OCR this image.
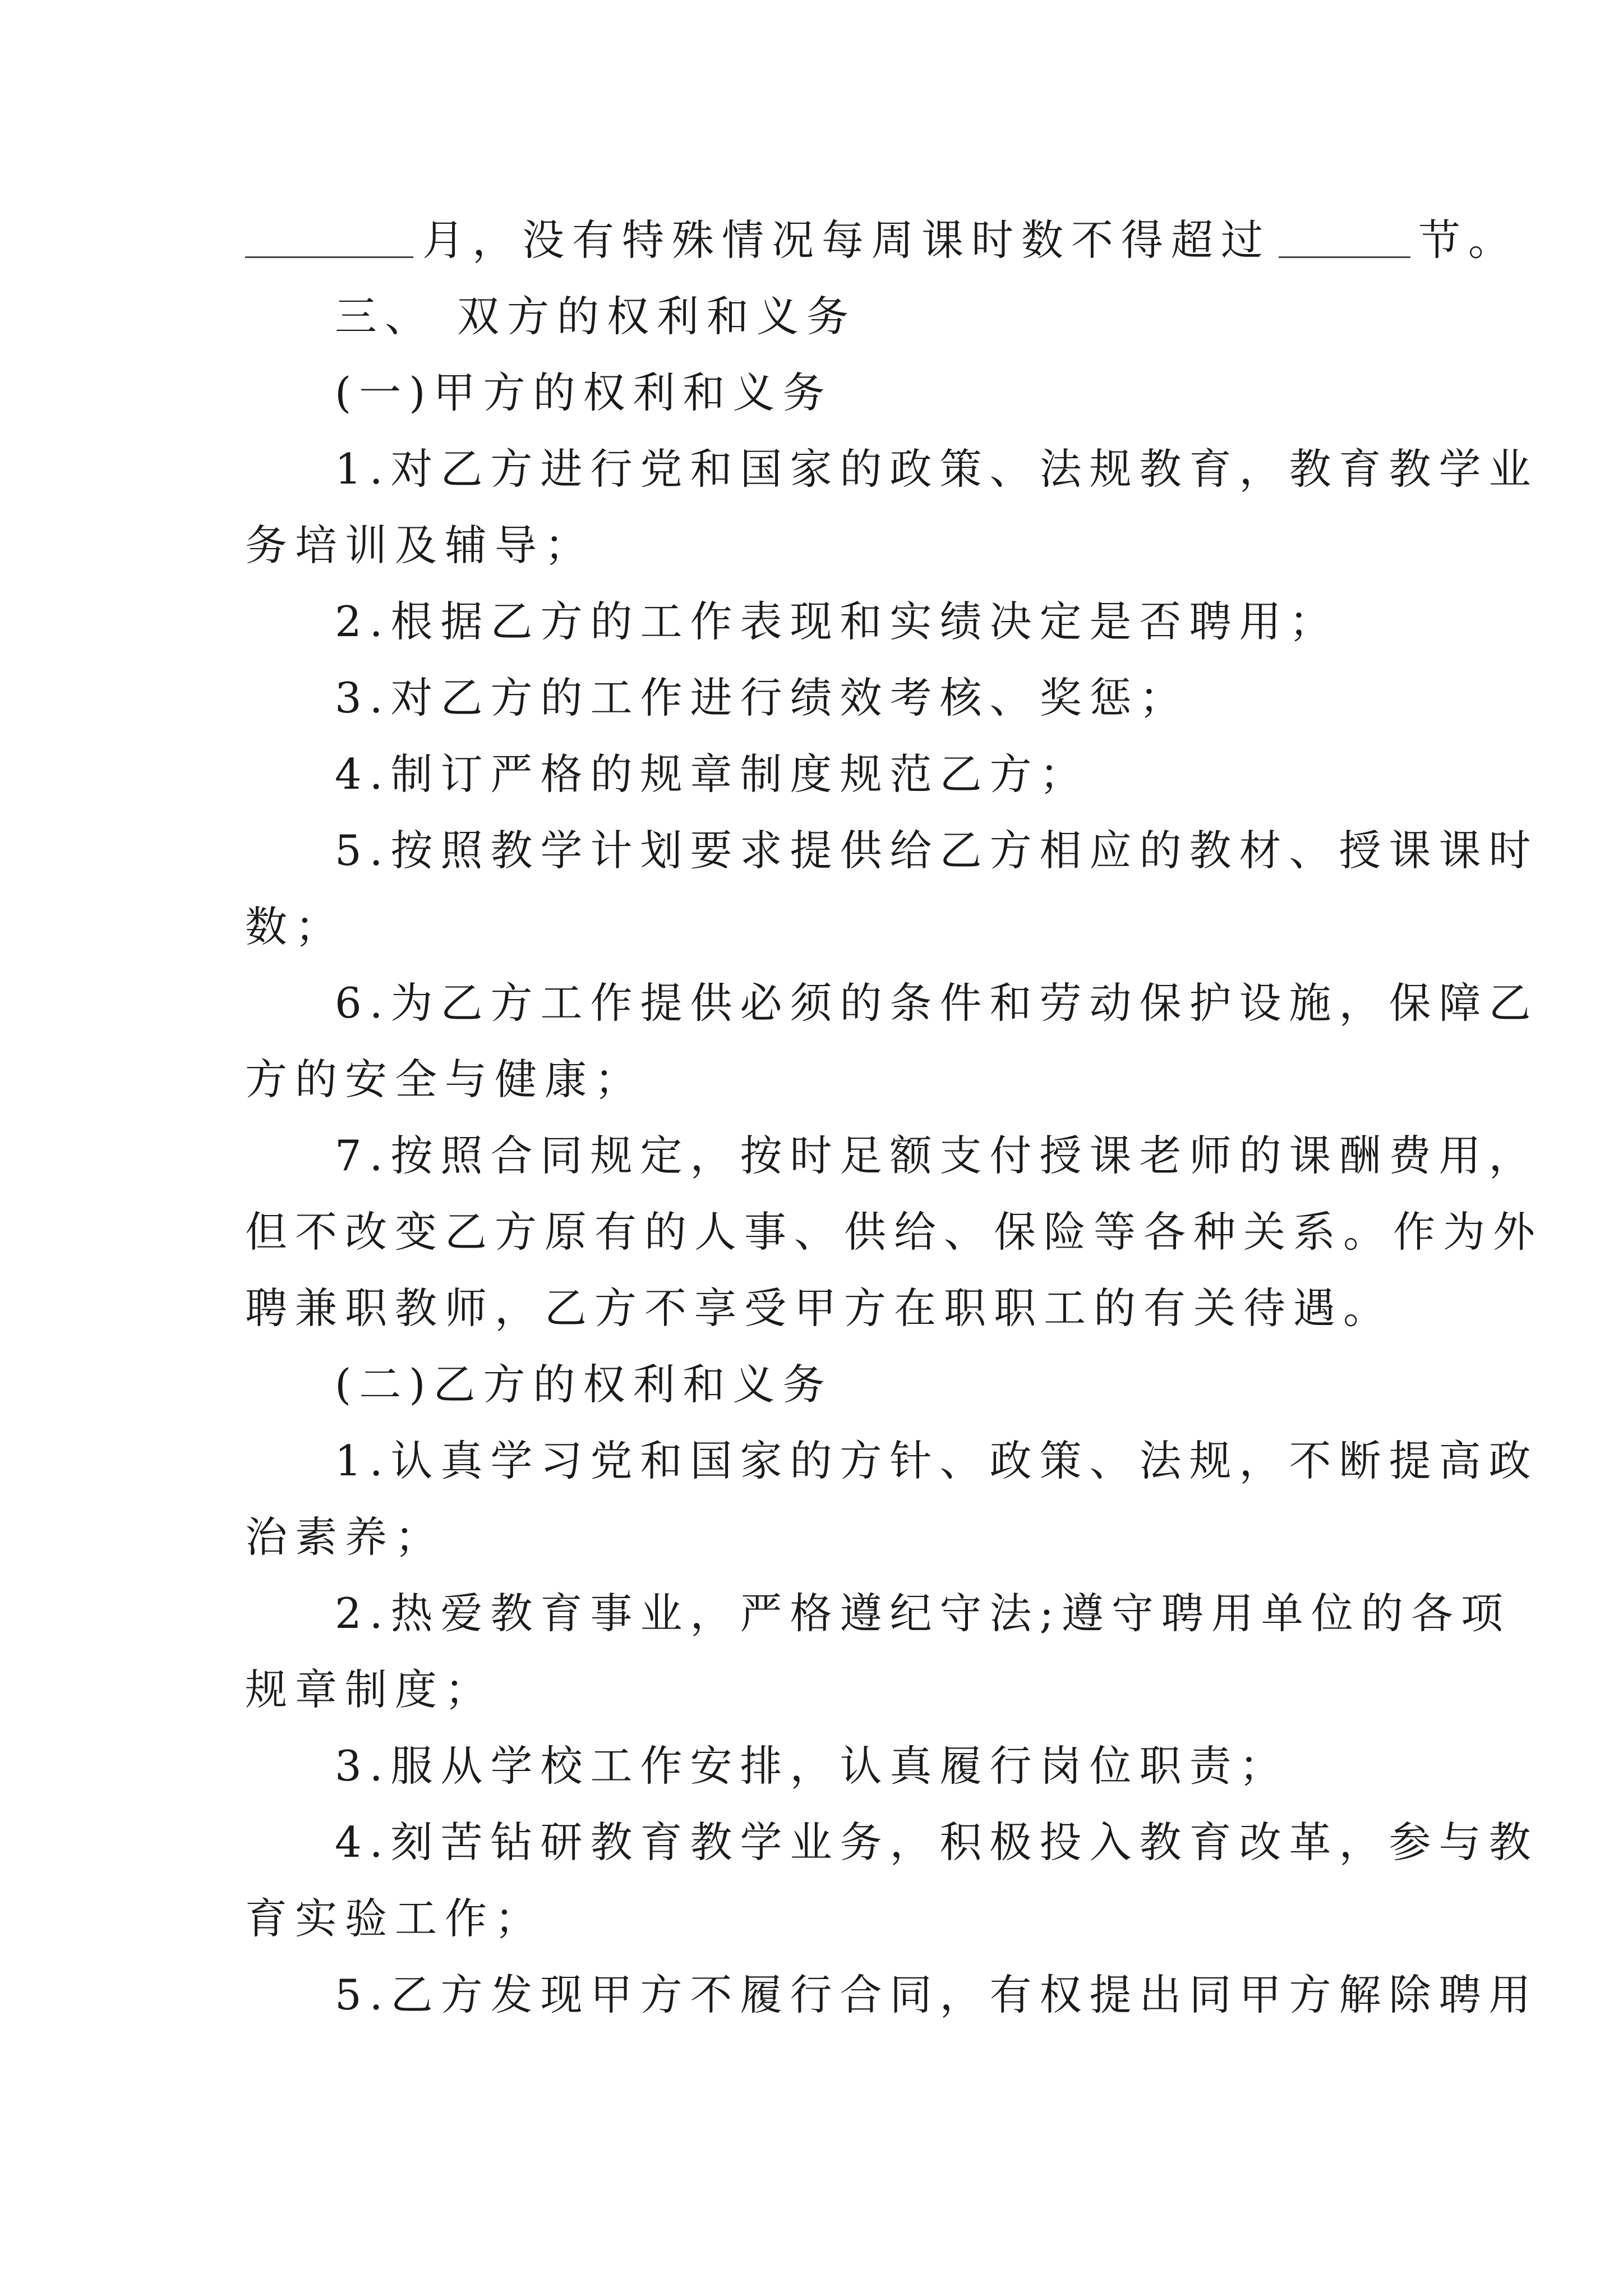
月，没有特殊情况每周课时数不得超过	节。
三、 双方的权利和义务
(一)甲方的权利和义务
1.对乙方进行党和国家的政策、法规教育，教育教学业
务培训及辅导；
2.根据乙方的工作表现和实绩决定是否聘用；
3.对乙方的工作进行绩效考核、奖惩；
4.制订严格的规章制度规范乙方；
5.按照教学计划要求提供给乙方相应的教材、授课课时
数；
6.为乙方工作提供必须的条件和劳动保护设施，保障乙
方的安全与健康；
7.按照合同规定，按时足额支付授课老师的课酬费用，
但不改变乙方原有的人事、供给、保险等各种关系。作为外
聘兼职教师，乙方不享受甲方在职职工的有关待遇。
(二)乙方的权利和义务
1.认真学习党和国家的方针、政策、法规，不断提高政
治素养；
2.热爱教育事业，严格遵纪守法;遵守聘用单位的各项
规章制度；
3.服从学校工作安排，认真履行岗位职责；
4.刻苦钻研教育教学业务，积极投入教育改革，参与教
育实验工作；
5.乙方发现甲方不履行合同，有权提出同甲方解除聘用
